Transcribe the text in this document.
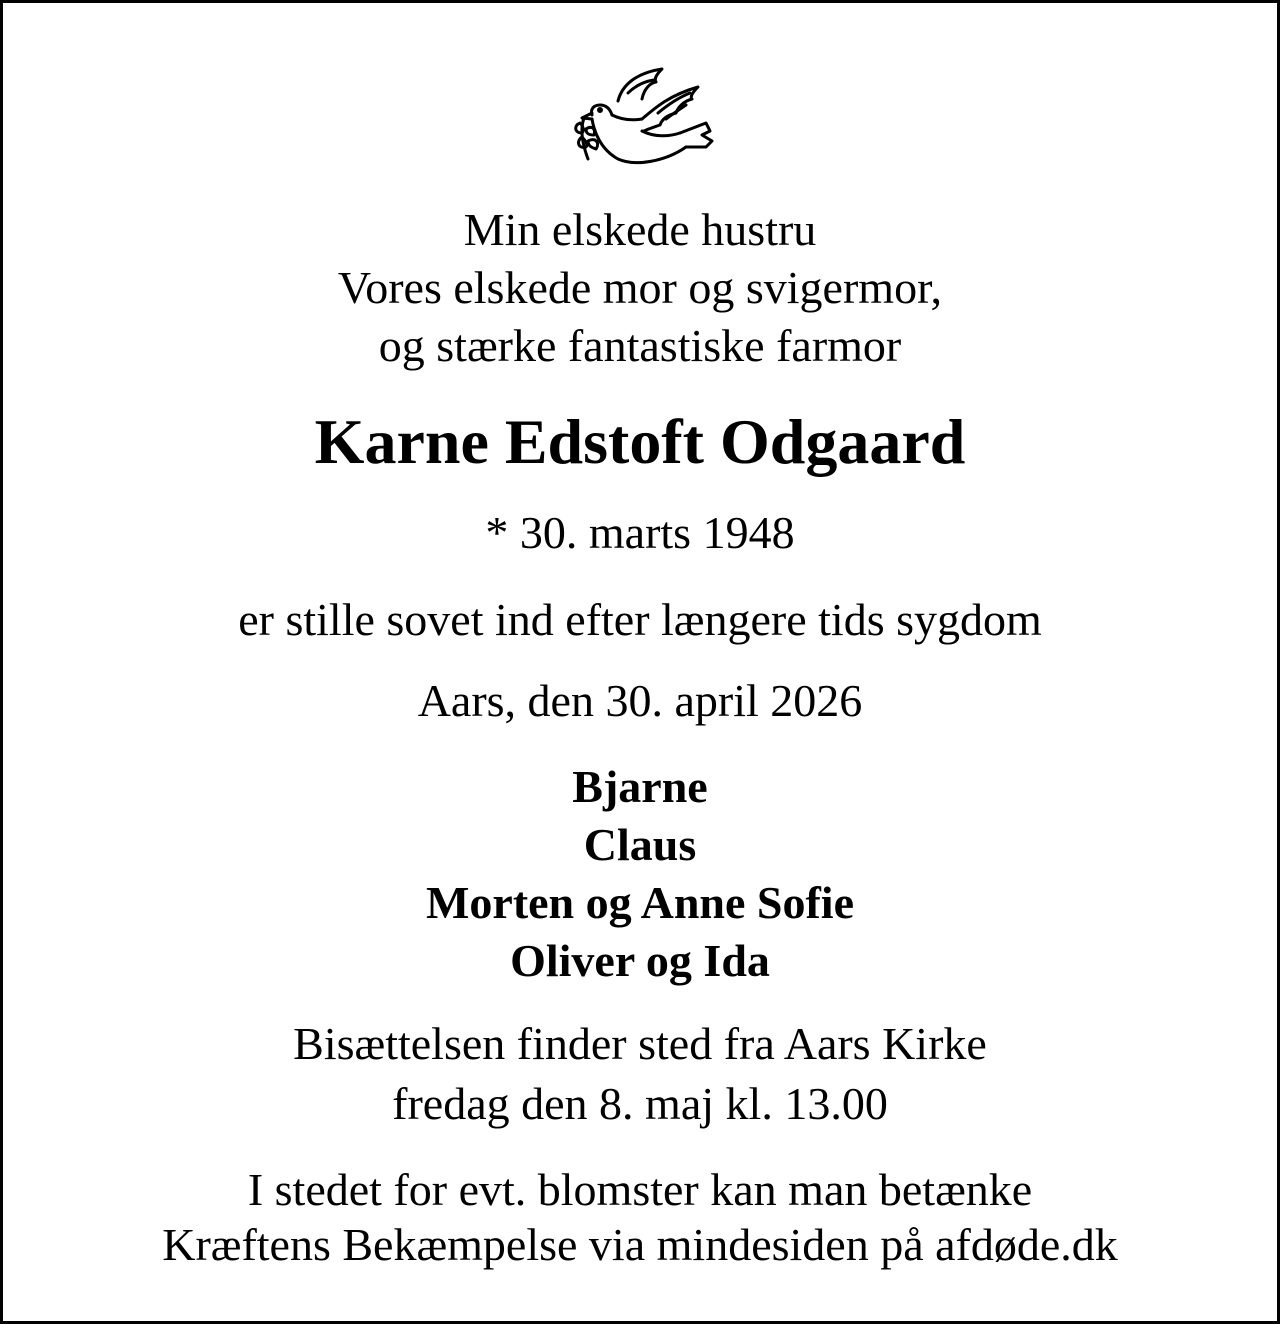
Min elskede hustru
Vores elskede mor og svigermor,
og stærke fantastiske farmor
Karne Edstoft Odgaard
* 30. marts 1948
er stille sovet ind efter længere tids sygdom
Aars, den 30. april 2026
Bjarne
Claus
Morten og Anne Sofie
Oliver og Ida
Bisættelsen finder sted fra Aars Kirke
fredag den 8. maj kl. 13.00
I stedet for evt. blomster kan man betænke
Kræftens Bekæmpelse via mindesiden på afdøde.dk
